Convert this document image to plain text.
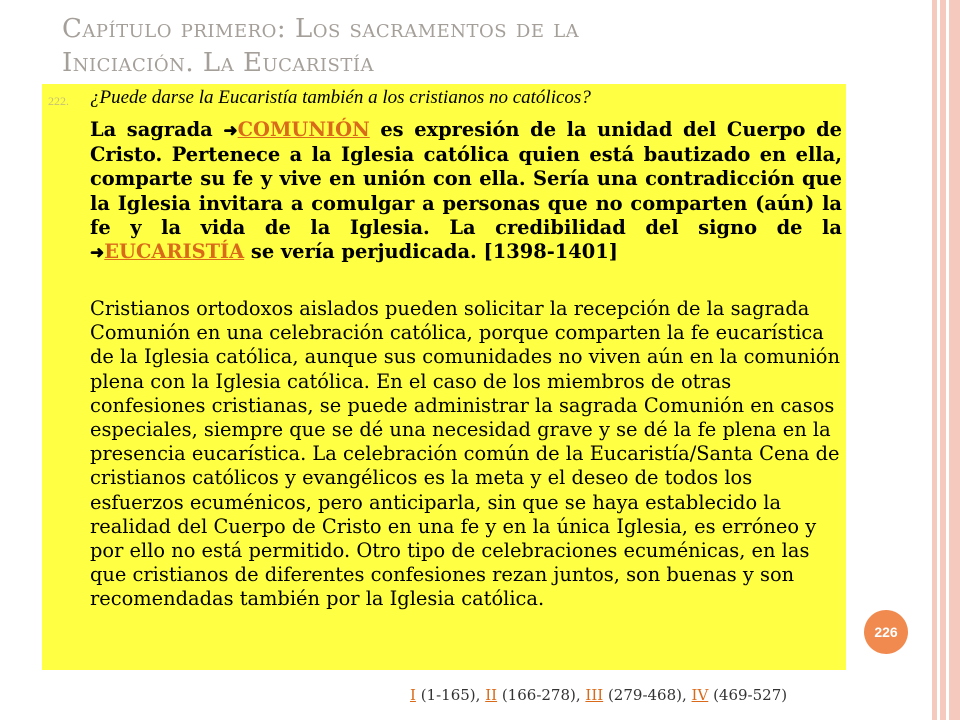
Capítulo primero: Los sacramentos de la
Iniciación. La Eucaristía
222. ¿Puede darse la Eucaristía también a los cristianos no católicos?
La sagrada ➜COMUNIÓN es expresión de la unidad del Cuerpo de Cristo. Pertenece a la Iglesia católica quien está bautizado en ella, comparte su fe y vive en unión con ella. Sería una contradicción que la Iglesia invitara a comulgar a personas que no comparten (aún) la fe y la vida de la Iglesia. La credibilidad del signo de la ➜EUCARISTÍA se vería perjudicada. [1398-1401]
Cristianos ortodoxos aislados pueden solicitar la recepción de la sagrada Comunión en una celebración católica, porque comparten la fe eucarística de la Iglesia católica, aunque sus comunidades no viven aún en la comunión plena con la Iglesia católica. En el caso de los miembros de otras confesiones cristianas, se puede administrar la sagrada Comunión en casos especiales, siempre que se dé una necesidad grave y se dé la fe plena en la presencia eucarística. La celebración común de la Eucaristía/Santa Cena de cristianos católicos y evangélicos es la meta y el deseo de todos los esfuerzos ecuménicos, pero anticiparla, sin que se haya establecido la realidad del Cuerpo de Cristo en una fe y en la única Iglesia, es erróneo y por ello no está permitido. Otro tipo de celebraciones ecuménicas, en las que cristianos de diferentes confesiones rezan juntos, son buenas y son recomendadas también por la Iglesia católica.
226
I (1-165), II (166-278), III (279-468), IV (469-527)
